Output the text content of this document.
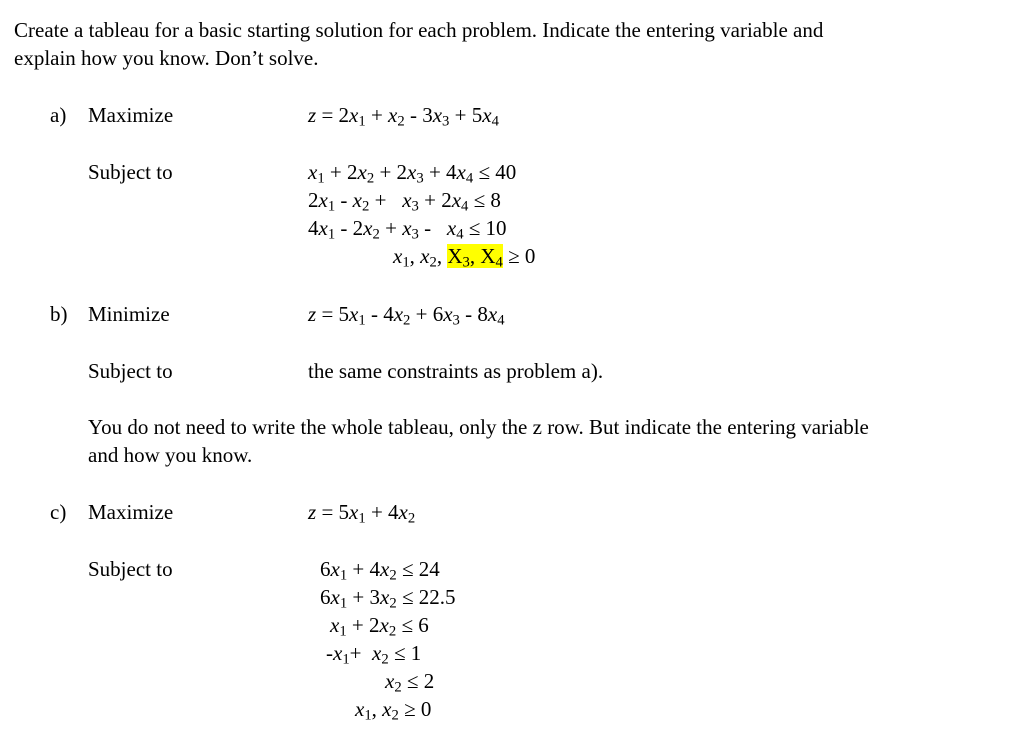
Create a tableau for a basic starting solution for each problem. Indicate the entering variable and
explain how you know. Don’t solve.
a) Maximize	$z = 2x_1 + x_2 - 3x_3 + 5x_4$
Subject to	$x_1 + 2x_2 + 2x_3 + 4x_4 \le 40$
$2x_1 - x_2 + x_3 + 2x_4 \le 8$
$4x_1 - 2x_2 + x_3 - x_4 \le 10$
$x_1$, $x_2$, $X_3$, $X_4 \ge 0$
b) Minimize	$z = 5x_1 - 4x_2 + 6x_3 - 8x_4$
Subject to	the same constraints as problem a).
You do not need to write the whole tableau, only the z row. But indicate the entering variable
and how you know.
c) Maximize	$z = 5x_1 + 4x_2$
Subject to	$6x_1 + 4x_2 \le 24$
$6x_1 + 3x_2 \le 22.5$
$x_1 + 2x_2 \le 6$
$-x_1+ x_2 \le 1$
$x_2 \le 2$
$x_1$, $x_2 \ge 0$
